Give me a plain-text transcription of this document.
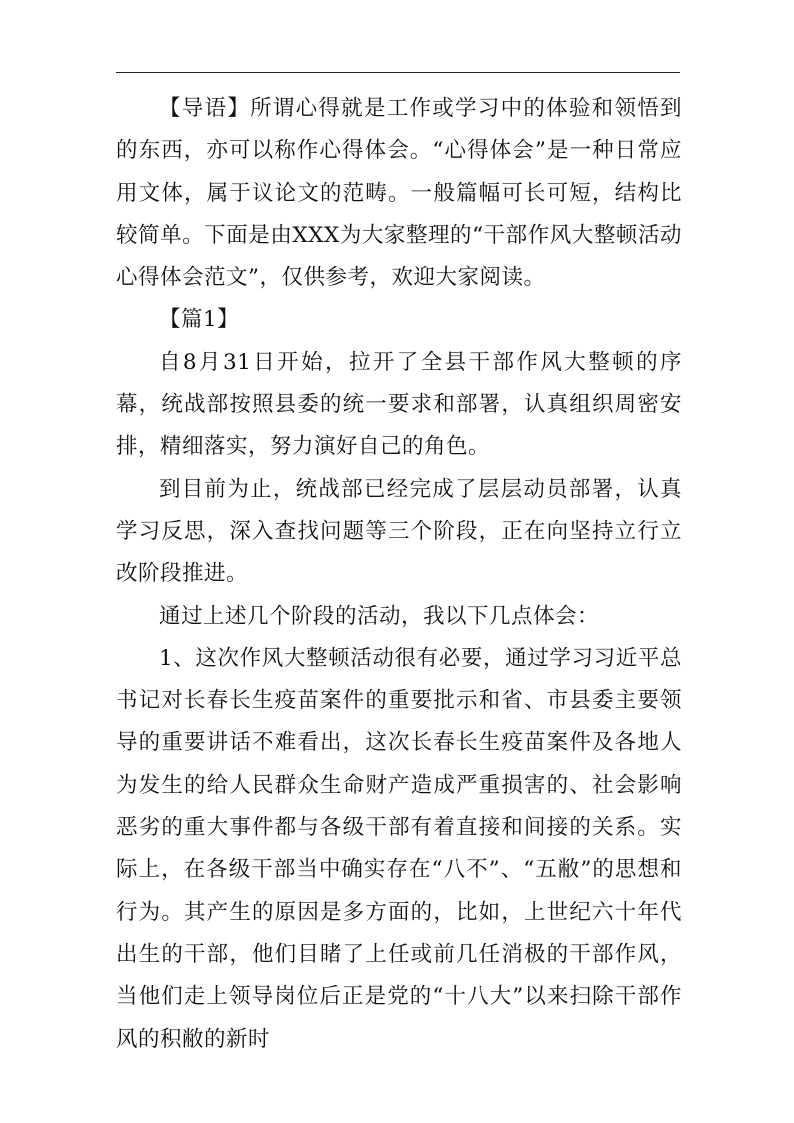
【导语】所谓心得就是工作或学习中的体验和领悟到的东西，亦可以称作心得体会。“心得体会”是一种日常应用文体，属于议论文的范畴。一般篇幅可长可短，结构比较简单。下面是由XXX为大家整理的“干部作风大整顿活动心得体会范文”，仅供参考，欢迎大家阅读。

【篇1】

自8月31日开始，拉开了全县干部作风大整顿的序幕，统战部按照县委的统一要求和部署，认真组织周密安排，精细落实，努力演好自己的角色。

到目前为止，统战部已经完成了层层动员部署，认真学习反思，深入查找问题等三个阶段，正在向坚持立行立改阶段推进。

通过上述几个阶段的活动，我以下几点体会：

1、这次作风大整顿活动很有必要，通过学习习近平总书记对长春长生疫苗案件的重要批示和省、市县委主要领导的重要讲话不难看出，这次长春长生疫苗案件及各地人为发生的给人民群众生命财产造成严重损害的、社会影响恶劣的重大事件都与各级干部有着直接和间接的关系。实际上，在各级干部当中确实存在“八不”、“五敝”的思想和行为。其产生的原因是多方面的，比如，上世纪六十年代出生的干部，他们目睹了上任或前几任消极的干部作风，当他们走上领导岗位后正是党的“十八大”以来扫除干部作风的积敝的新时
